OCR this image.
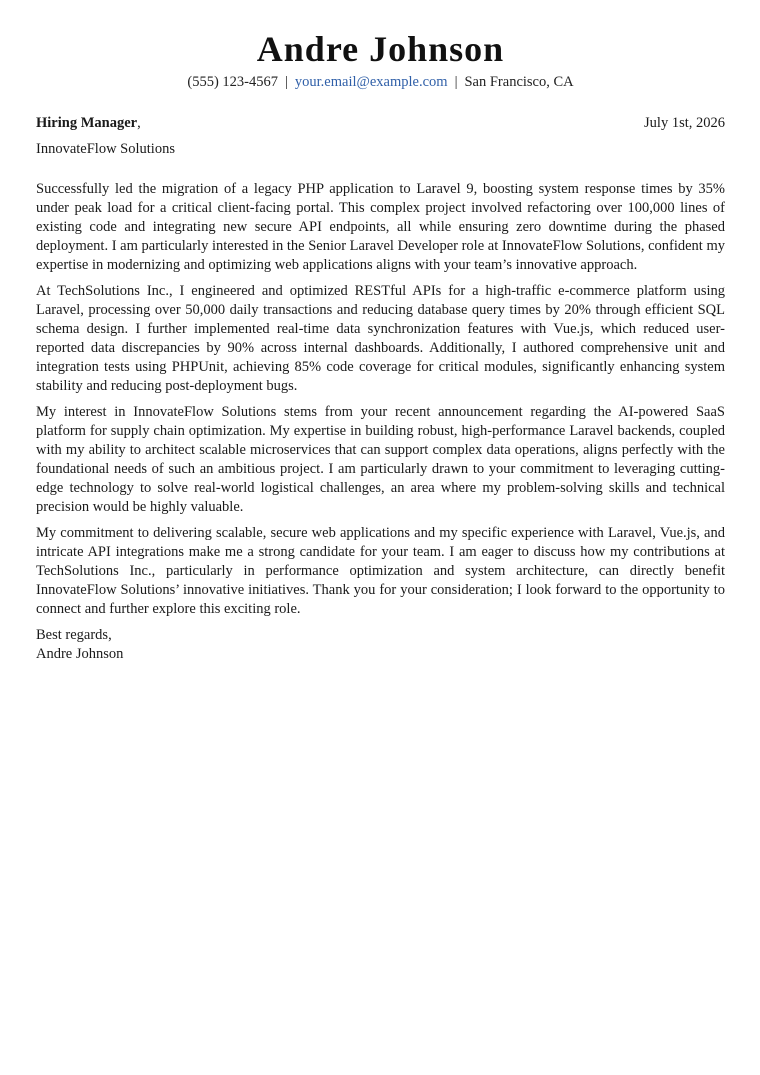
Andre Johnson
(555) 123-4567 | your.email@example.com | San Francisco, CA
Hiring Manager,	July 1st, 2026
InnovateFlow Solutions

Successfully led the migration of a legacy PHP application to Laravel 9, boosting system response times by 35% under peak load for a critical client-facing portal. This complex project involved refactoring over 100,000 lines of existing code and integrating new secure API endpoints, all while ensuring zero downtime during the phased deployment. I am particularly interested in the Senior Laravel Developer role at InnovateFlow Solutions, confident my expertise in modernizing and optimizing web applications aligns with your team’s innovative approach.

At TechSolutions Inc., I engineered and optimized RESTful APIs for a high-traffic e-commerce platform using Laravel, processing over 50,000 daily transactions and reducing database query times by 20% through efficient SQL schema design. I further implemented real-time data synchronization features with Vue.js, which reduced user-reported data discrepancies by 90% across internal dashboards. Additionally, I authored comprehensive unit and integration tests using PHPUnit, achieving 85% code coverage for critical modules, significantly enhancing system stability and reducing post-deployment bugs.

My interest in InnovateFlow Solutions stems from your recent announcement regarding the AI-powered SaaS platform for supply chain optimization. My expertise in building robust, high-performance Laravel backends, coupled with my ability to architect scalable microservices that can support complex data operations, aligns perfectly with the foundational needs of such an ambitious project. I am particularly drawn to your commitment to leveraging cutting-edge technology to solve real-world logistical challenges, an area where my problem-solving skills and technical precision would be highly valuable.

My commitment to delivering scalable, secure web applications and my specific experience with Laravel, Vue.js, and intricate API integrations make me a strong candidate for your team. I am eager to discuss how my contributions at TechSolutions Inc., particularly in performance optimization and system architecture, can directly benefit InnovateFlow Solutions’ innovative initiatives. Thank you for your consideration; I look forward to the opportunity to connect and further explore this exciting role.

Best regards,
Andre Johnson
